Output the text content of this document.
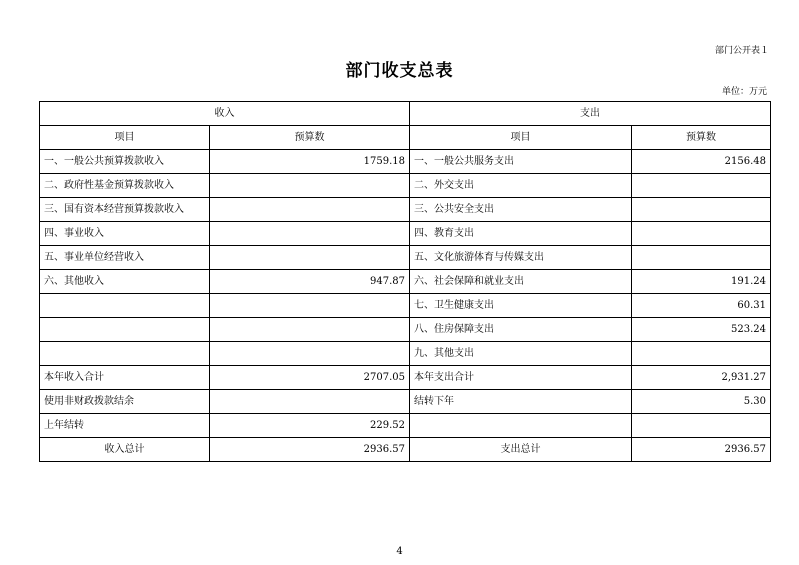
部门公开表１
部门收支总表
单位：万元
收入		支出	
项目	预算数	项目	预算数
一、一般公共预算拨款收入	1759.18	一、一般公共服务支出	2156.48
二、政府性基金预算拨款收入		二、外交支出	
三、国有资本经营预算拨款收入		三、公共安全支出	
四、事业收入		四、教育支出	
五、事业单位经营收入		五、文化旅游体育与传媒支出	
六、其他收入	947.87	六、社会保障和就业支出	191.24
		七、卫生健康支出	60.31
		八、住房保障支出	523.24
		九、其他支出	
本年收入合计	2707.05	本年支出合计	2,931.27
使用非财政拨款结余		结转下年	5.30
上年结转	229.52		
收入总计	2936.57	支出总计	2936.57
4
